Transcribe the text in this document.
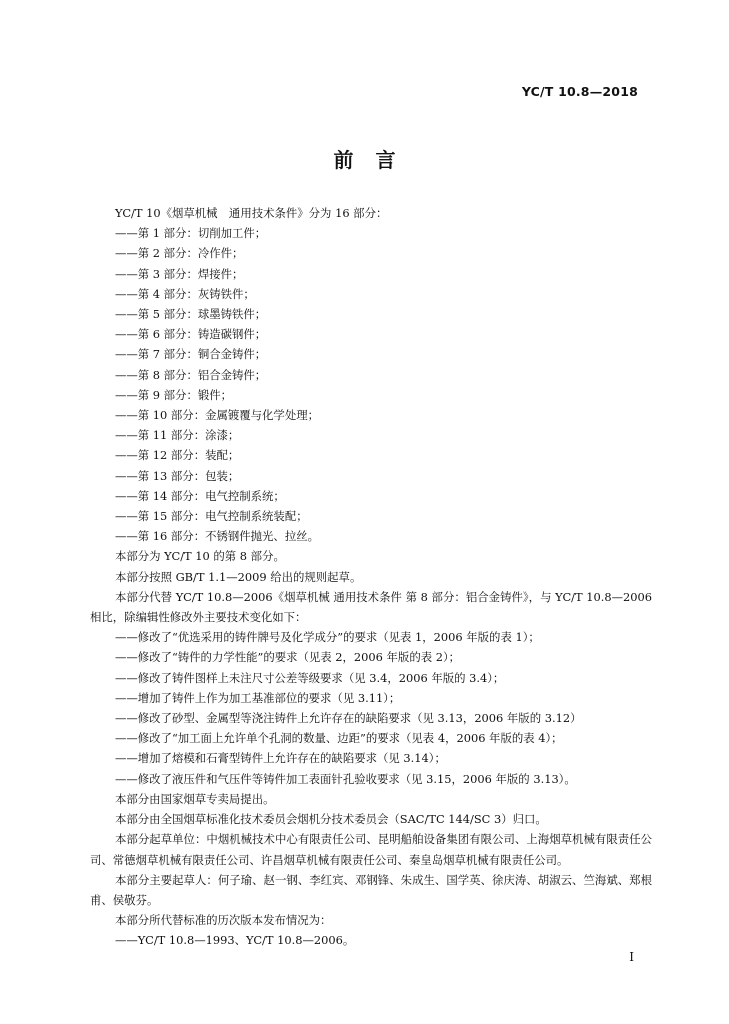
YC/T 10.8—2018
前言
YC/T 10《烟草机械　通用技术条件》分为 16 部分：
——第 1 部分：切削加工件；
——第 2 部分：冷作件；
——第 3 部分：焊接件；
——第 4 部分：灰铸铁件；
——第 5 部分：球墨铸铁件；
——第 6 部分：铸造碳钢件；
——第 7 部分：铜合金铸件；
——第 8 部分：铝合金铸件；
——第 9 部分：锻件；
——第 10 部分：金属镀覆与化学处理；
——第 11 部分：涂漆；
——第 12 部分：装配；
——第 13 部分：包装；
——第 14 部分：电气控制系统；
——第 15 部分：电气控制系统装配；
——第 16 部分：不锈钢件抛光、拉丝。
本部分为 YC/T 10 的第 8 部分。
本部分按照 GB/T 1.1—2009 给出的规则起草。
本部分代替 YC/T 10.8—2006《烟草机械 通用技术条件 第 8 部分：铝合金铸件》，与 YC/T 10.8—2006 相比，除编辑性修改外主要技术变化如下：
——修改了“优选采用的铸件牌号及化学成分”的要求（见表 1，2006 年版的表 1）；
——修改了“铸件的力学性能”的要求（见表 2，2006 年版的表 2）；
——修改了铸件图样上未注尺寸公差等级要求（见 3.4，2006 年版的 3.4）；
——增加了铸件上作为加工基准部位的要求（见 3.11）；
——修改了砂型、金属型等浇注铸件上允许存在的缺陷要求（见 3.13，2006 年版的 3.12）
——修改了“加工面上允许单个孔洞的数量、边距”的要求（见表 4，2006 年版的表 4）；
——增加了熔模和石膏型铸件上允许存在的缺陷要求（见 3.14）；
——修改了液压件和气压件等铸件加工表面针孔验收要求（见 3.15，2006 年版的 3.13）。
本部分由国家烟草专卖局提出。
本部分由全国烟草标准化技术委员会烟机分技术委员会（SAC/TC 144/SC 3）归口。
本部分起草单位：中烟机械技术中心有限责任公司、昆明船舶设备集团有限公司、上海烟草机械有限责任公司、常德烟草机械有限责任公司、许昌烟草机械有限责任公司、秦皇岛烟草机械有限责任公司。
本部分主要起草人：何子瑜、赵一钢、李红宾、邓钢锋、朱成生、国学英、徐庆涛、胡淑云、竺海斌、郑根甫、侯敬芬。
本部分所代替标准的历次版本发布情况为：
——YC/T 10.8—1993、YC/T 10.8—2006。
I
